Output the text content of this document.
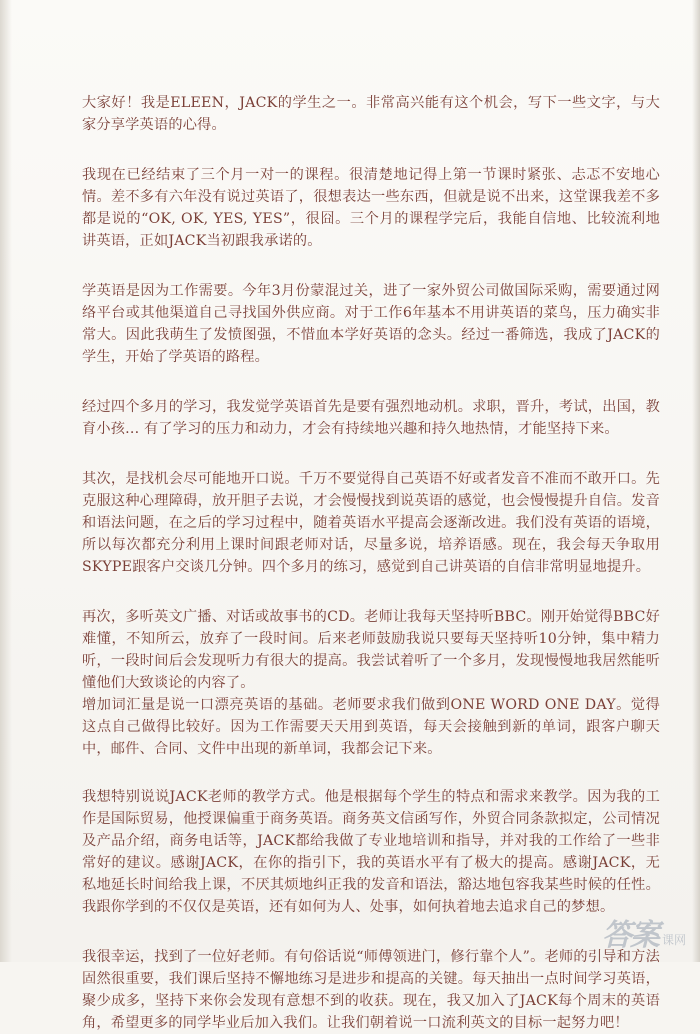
大家好！我是ELEEN，JACK的学生之一。非常高兴能有这个机会，写下一些文字，与大家分享学英语的心得。

我现在已经结束了三个月一对一的课程。很清楚地记得上第一节课时紧张、忐忑不安地心情。差不多有六年没有说过英语了，很想表达一些东西，但就是说不出来，这堂课我差不多都是说的“OK, OK, YES, YES”，很囧。三个月的课程学完后，我能自信地、比较流利地讲英语，正如JACK当初跟我承诺的。

学英语是因为工作需要。今年3月份蒙混过关，进了一家外贸公司做国际采购，需要通过网络平台或其他渠道自己寻找国外供应商。对于工作6年基本不用讲英语的菜鸟，压力确实非常大。因此我萌生了发愤图强，不惜血本学好英语的念头。经过一番筛选，我成了JACK的学生，开始了学英语的路程。

经过四个多月的学习，我发觉学英语首先是要有强烈地动机。求职，晋升，考试，出国，教育小孩... 有了学习的压力和动力，才会有持续地兴趣和持久地热情，才能坚持下来。

其次，是找机会尽可能地开口说。千万不要觉得自己英语不好或者发音不准而不敢开口。先克服这种心理障碍，放开胆子去说，才会慢慢找到说英语的感觉，也会慢慢提升自信。发音和语法问题，在之后的学习过程中，随着英语水平提高会逐渐改进。我们没有英语的语境，所以每次都充分利用上课时间跟老师对话，尽量多说，培养语感。现在，我会每天争取用SKYPE跟客户交谈几分钟。四个多月的练习，感觉到自己讲英语的自信非常明显地提升。

再次，多听英文广播、对话或故事书的CD。老师让我每天坚持听BBC。刚开始觉得BBC好难懂，不知所云，放弃了一段时间。后来老师鼓励我说只要每天坚持听10分钟，集中精力听，一段时间后会发现听力有很大的提高。我尝试着听了一个多月，发现慢慢地我居然能听懂他们大致谈论的内容了。

增加词汇量是说一口漂亮英语的基础。老师要求我们做到ONE WORD ONE DAY。觉得这点自己做得比较好。因为工作需要天天用到英语，每天会接触到新的单词，跟客户聊天中，邮件、合同、文件中出现的新单词，我都会记下来。

我想特别说说JACK老师的教学方式。他是根据每个学生的特点和需求来教学。因为我的工作是国际贸易，他授课偏重于商务英语。商务英文信函写作，外贸合同条款拟定，公司情况及产品介绍，商务电话等，JACK都给我做了专业地培训和指导，并对我的工作给了一些非常好的建议。感谢JACK，在你的指引下，我的英语水平有了极大的提高。感谢JACK，无私地延长时间给我上课，不厌其烦地纠正我的发音和语法，豁达地包容我某些时候的任性。我跟你学到的不仅仅是英语，还有如何为人、处事，如何执着地去追求自己的梦想。

我很幸运，找到了一位好老师。有句俗话说“师傅领进门，修行靠个人”。老师的引导和方法固然很重要，我们课后坚持不懈地练习是进步和提高的关键。每天抽出一点时间学习英语，聚少成多，坚持下来你会发现有意想不到的收获。现在，我又加入了JACK每个周末的英语角，希望更多的同学毕业后加入我们。让我们朝着说一口流利英文的目标一起努力吧！

答案 课网
